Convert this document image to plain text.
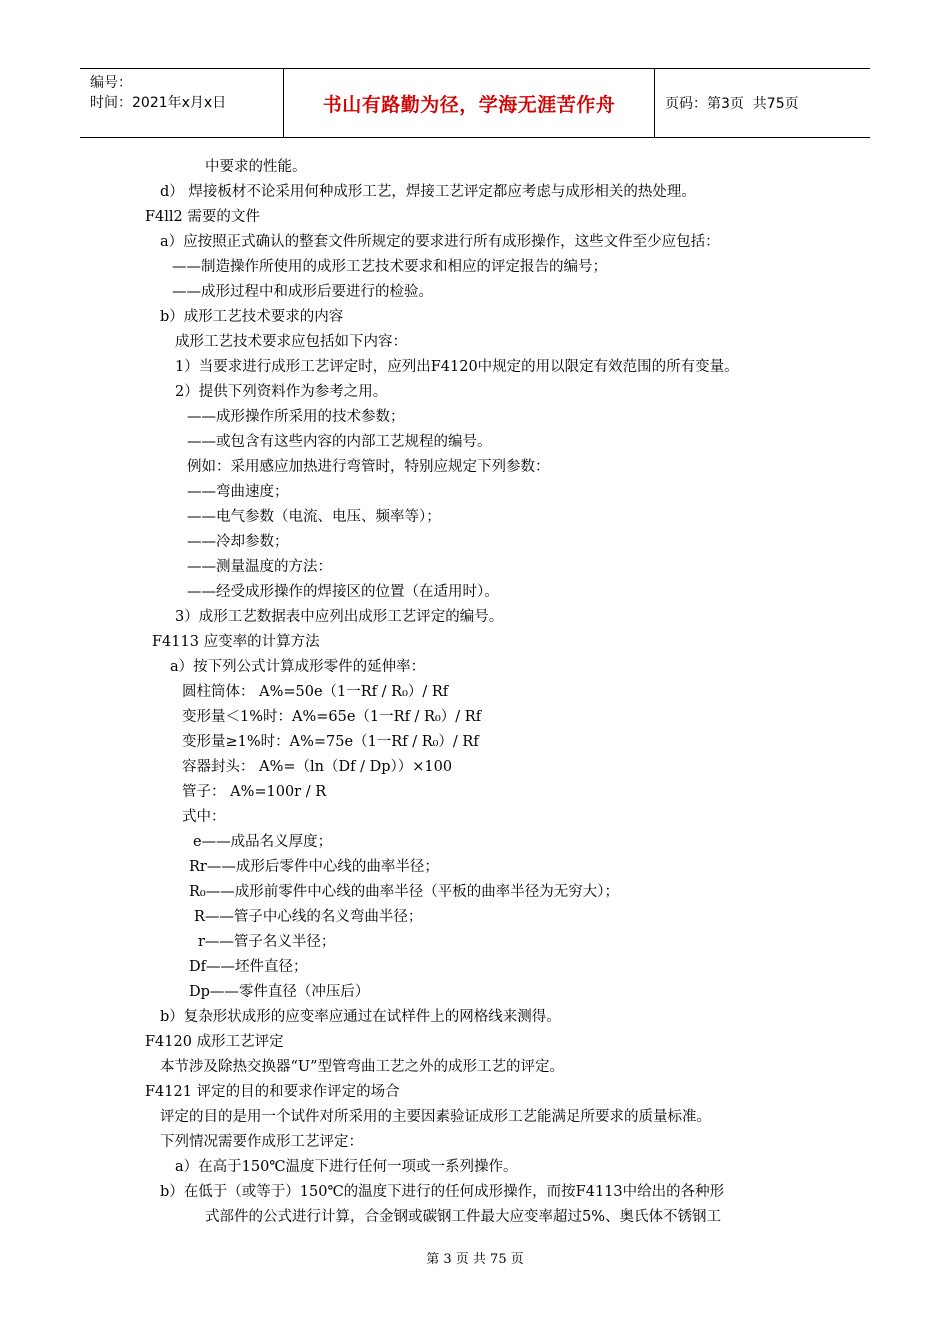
编号：
时间：2021年x月x日	书山有路勤为径，学海无涯苦作舟	页码：第3页  共75页
中要求的性能。
d） 焊接板材不论采用何种成形工艺，焊接工艺评定都应考虑与成形相关的热处理。
F4ll2 需要的文件
a）应按照正式确认的整套文件所规定的要求进行所有成形操作，这些文件至少应包括：
——制造操作所使用的成形工艺技术要求和相应的评定报告的编号；
——成形过程中和成形后要进行的检验。
b）成形工艺技术要求的内容
成形工艺技术要求应包括如下内容：
1）当要求进行成形工艺评定时，应列出F4120中规定的用以限定有效范围的所有变量。
2）提供下列资料作为参考之用。
——成形操作所采用的技术参数；
——或包含有这些内容的内部工艺规程的编号。
例如：采用感应加热进行弯管时，特别应规定下列参数：
——弯曲速度；
——电气参数（电流、电压、频率等）；
——冷却参数；
——测量温度的方法：
——经受成形操作的焊接区的位置（在适用时）。
3）成形工艺数据表中应列出成形工艺评定的编号。
F4113 应变率的计算方法
a）按下列公式计算成形零件的延伸率：
圆柱筒体： A%=50e（1一Rf / R₀）/ Rf
变形量＜1%时：A%=65e（1一Rf / R₀）/ Rf
变形量≥1%时：A%=75e（1一Rf / R₀）/ Rf
容器封头： A%=（ln（Df / Dp））×100
管子： A%=100r / R
式中：
e——成品名义厚度；
Rr——成形后零件中心线的曲率半径；
R₀——成形前零件中心线的曲率半径（平板的曲率半径为无穷大）；
R——管子中心线的名义弯曲半径；
r——管子名义半径；
Df——坯件直径；
Dp——零件直径（冲压后）
b）复杂形状成形的应变率应通过在试样件上的网格线来测得。
F4120 成形工艺评定
本节涉及除热交换器“U”型管弯曲工艺之外的成形工艺的评定。
F4121 评定的目的和要求作评定的场合
评定的目的是用一个试件对所采用的主要因素验证成形工艺能满足所要求的质量标准。
下列情况需要作成形工艺评定：
a）在高于150℃温度下进行任何一项或一系列操作。
b）在低于（或等于）150℃的温度下进行的任何成形操作，而按F4113中给出的各种形
式部件的公式进行计算，合金钢或碳钢工件最大应变率超过5%、奥氏体不锈钢工
第 3 页 共 75 页
